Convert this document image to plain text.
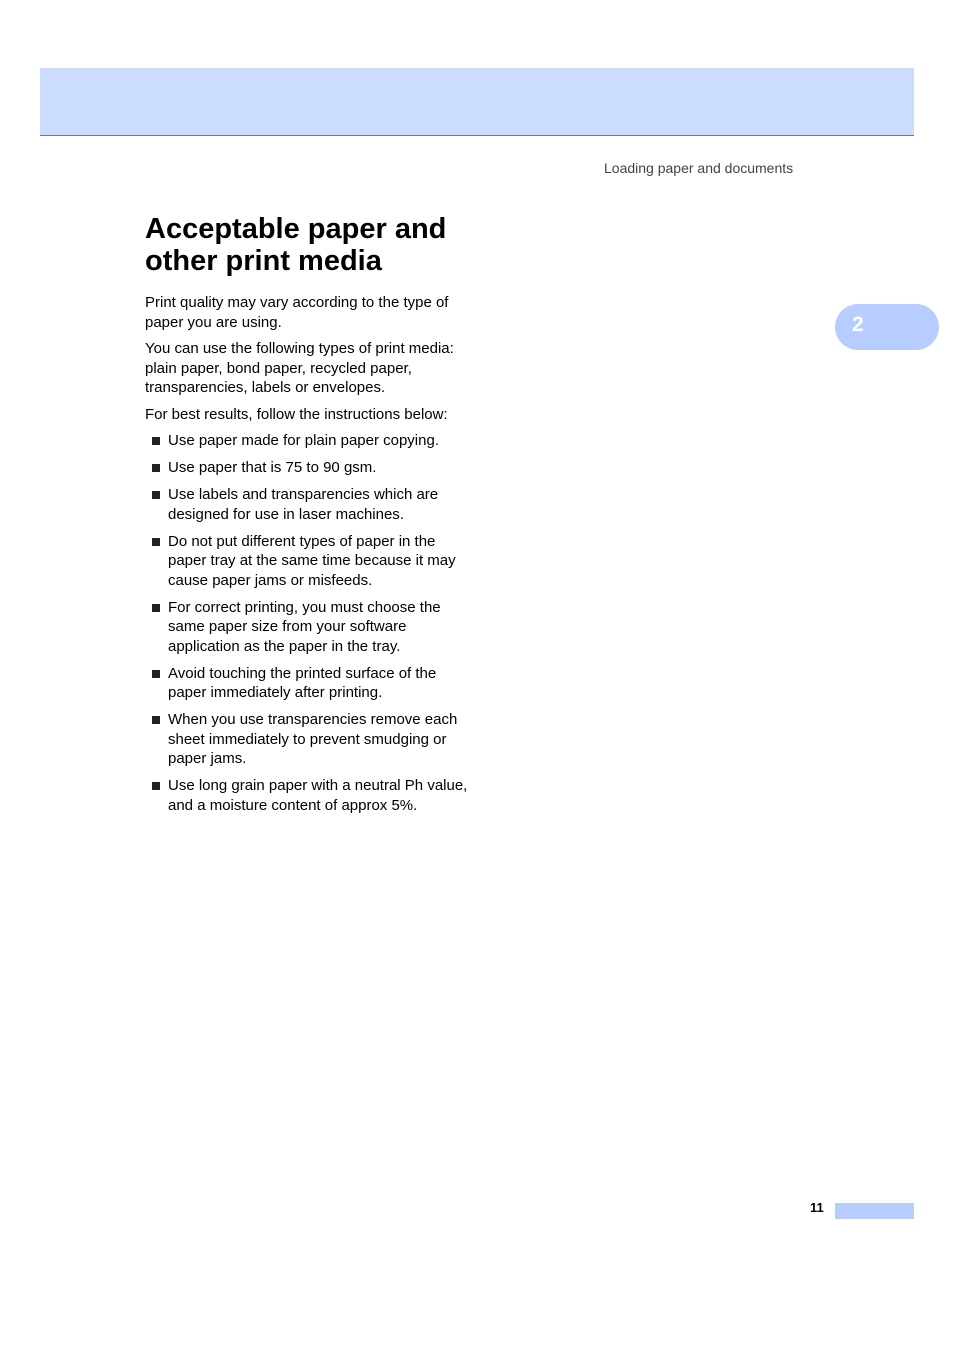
Loading paper and documents
2
Acceptable paper and other print media

Print quality may vary according to the type of paper you are using.

You can use the following types of print media: plain paper, bond paper, recycled paper, transparencies, labels or envelopes.

For best results, follow the instructions below:

Use paper made for plain paper copying.
Use paper that is 75 to 90 gsm.
Use labels and transparencies which are designed for use in laser machines.
Do not put different types of paper in the paper tray at the same time because it may cause paper jams or misfeeds.
For correct printing, you must choose the same paper size from your software application as the paper in the tray.
Avoid touching the printed surface of the paper immediately after printing.
When you use transparencies remove each sheet immediately to prevent smudging or paper jams.
Use long grain paper with a neutral Ph value, and a moisture content of approx 5%.
11
